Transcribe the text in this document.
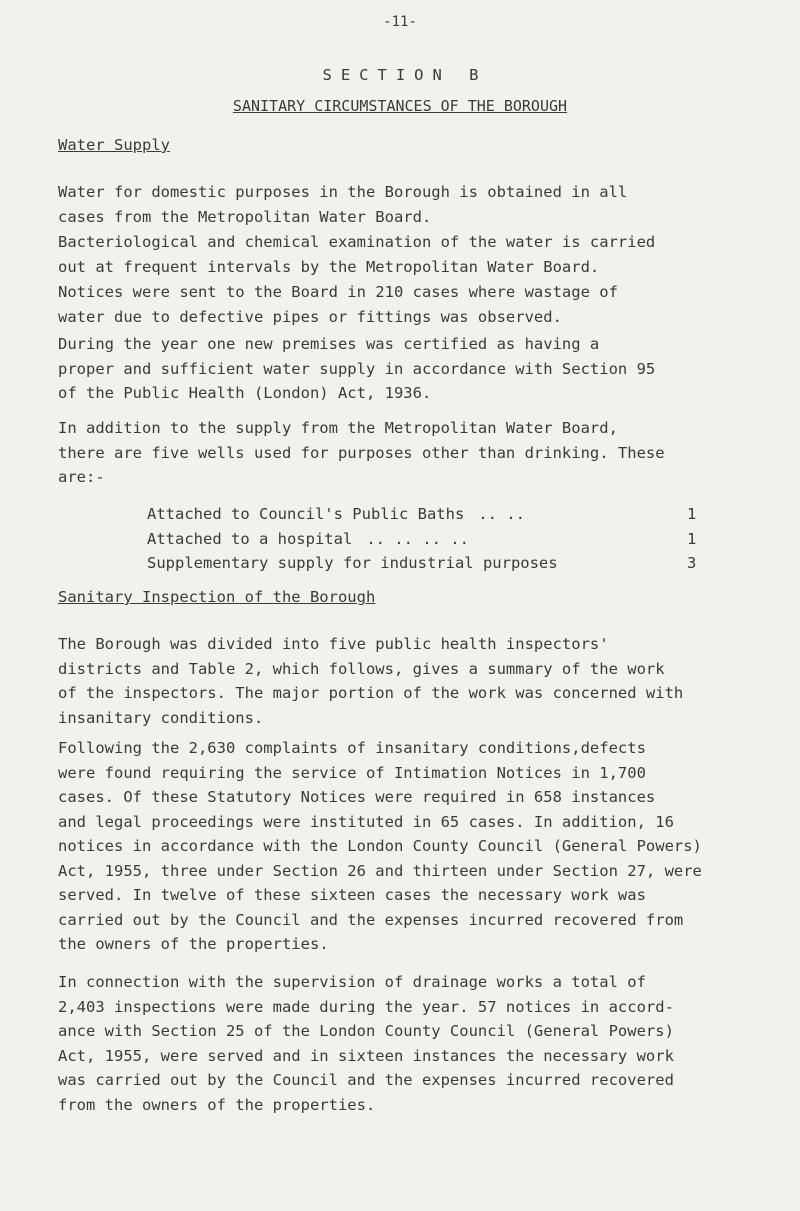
-11-
SECTION B
SANITARY CIRCUMSTANCES OF THE BOROUGH
Water Supply

Water for domestic purposes in the Borough is obtained in all
cases from the Metropolitan Water Board.

Bacteriological and chemical examination of the water is carried
out at frequent intervals by the Metropolitan Water Board.

Notices were sent to the Board in 210 cases where wastage of
water due to defective pipes or fittings was observed.

During the year one new premises was certified as having a
proper and sufficient water supply in accordance with Section 95
of the Public Health (London) Act, 1936.

In addition to the supply from the Metropolitan Water Board,
there are five wells used for purposes other than drinking. These
are:-

Attached to Council's Public Baths .. ..	1
Attached to a hospital .. .. .. ..	1
Supplementary supply for industrial purposes	3
Sanitary Inspection of the Borough

The Borough was divided into five public health inspectors'
districts and Table 2, which follows, gives a summary of the work
of the inspectors. The major portion of the work was concerned with
insanitary conditions.

Following the 2,630 complaints of insanitary conditions,defects
were found requiring the service of Intimation Notices in 1,700
cases. Of these Statutory Notices were required in 658 instances
and legal proceedings were instituted in 65 cases. In addition, 16
notices in accordance with the London County Council (General Powers)
Act, 1955, three under Section 26 and thirteen under Section 27, were
served. In twelve of these sixteen cases the necessary work was
carried out by the Council and the expenses incurred recovered from
the owners of the properties.

In connection with the supervision of drainage works a total of
2,403 inspections were made during the year. 57 notices in accord-
ance with Section 25 of the London County Council (General Powers)
Act, 1955, were served and in sixteen instances the necessary work
was carried out by the Council and the expenses incurred recovered
from the owners of the properties.
